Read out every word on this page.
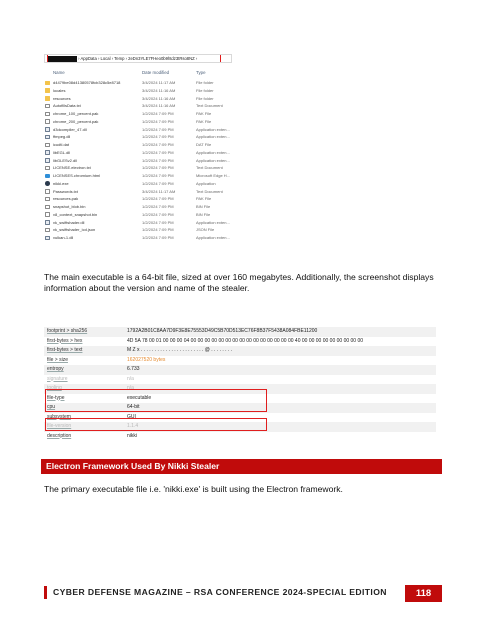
› AppData › Local › Temp › 2eDn3YLE7FHeo0b9htdz3tRso8NZ ›
Name	Date modified	Type
d4479be08d41380578fcb328c5e8718	3/4/2024 11:17 AM	File folder
locales	3/4/2024 11:16 AM	File folder
resources	3/4/2024 11:16 AM	File folder
AutofillsData.txt	3/4/2024 11:16 AM	Text Document
chrome_100_percent.pak	1/2/2024 7:09 PM	PAK File
chrome_200_percent.pak	1/2/2024 7:09 PM	PAK File
d3dcompiler_47.dll	1/2/2024 7:09 PM	Application exten...
ffmpeg.dll	1/2/2024 7:09 PM	Application exten...
icudtl.dat	1/2/2024 7:09 PM	DAT File
libEGL.dll	1/2/2024 7:09 PM	Application exten...
libGLESv2.dll	1/2/2024 7:09 PM	Application exten...
LICENSE.electron.txt	1/2/2024 7:09 PM	Text Document
LICENSES.chromium.html	1/2/2024 7:09 PM	Microsoft Edge H...
nikki.exe	1/2/2024 7:09 PM	Application
Passwords.txt	3/4/2024 11:17 AM	Text Document
resources.pak	1/2/2024 7:09 PM	PAK File
snapshot_blob.bin	1/2/2024 7:09 PM	BIN File
v8_context_snapshot.bin	1/2/2024 7:09 PM	BIN File
vk_swiftshader.dll	1/2/2024 7:09 PM	Application exten...
vk_swiftshader_icd.json	1/2/2024 7:09 PM	JSON File
vulkan-1.dll	1/2/2024 7:09 PM	Application exten...

The main executable is a 64-bit file, sized at over 160 megabytes. Additionally, the screenshot displays information about the version and name of the stealer.

description	nikki
file-version	1.1.4
subsystem	GUI
cpu	64-bit
file-type	executable
tooling	n/a
signature	n/a
entropy	6.733
file > size	162027520 bytes
first-bytes > text	M Z x . . . . . . . . . . . . . . . . . . . . . . . @ . . . . . . . .
first-bytes > hex	4D 5A 78 00 01 00 00 00 04 00 00 00 00 00 00 00 00 00 00 00 00 00 00 00 40 00 00 00 00 00 00 00 00 00
footprint > sha256	1792A2B01C8AA7D9F3E8E75553D49C5B70D513EC76F8B37F5438A084FBE11200
Electron Framework Used By Nikki Stealer

The primary executable file i.e. 'nikki.exe' is built using the Electron framework.

CYBER DEFENSE MAGAZINE – RSA CONFERENCE 2024-SPECIAL EDITION	118
